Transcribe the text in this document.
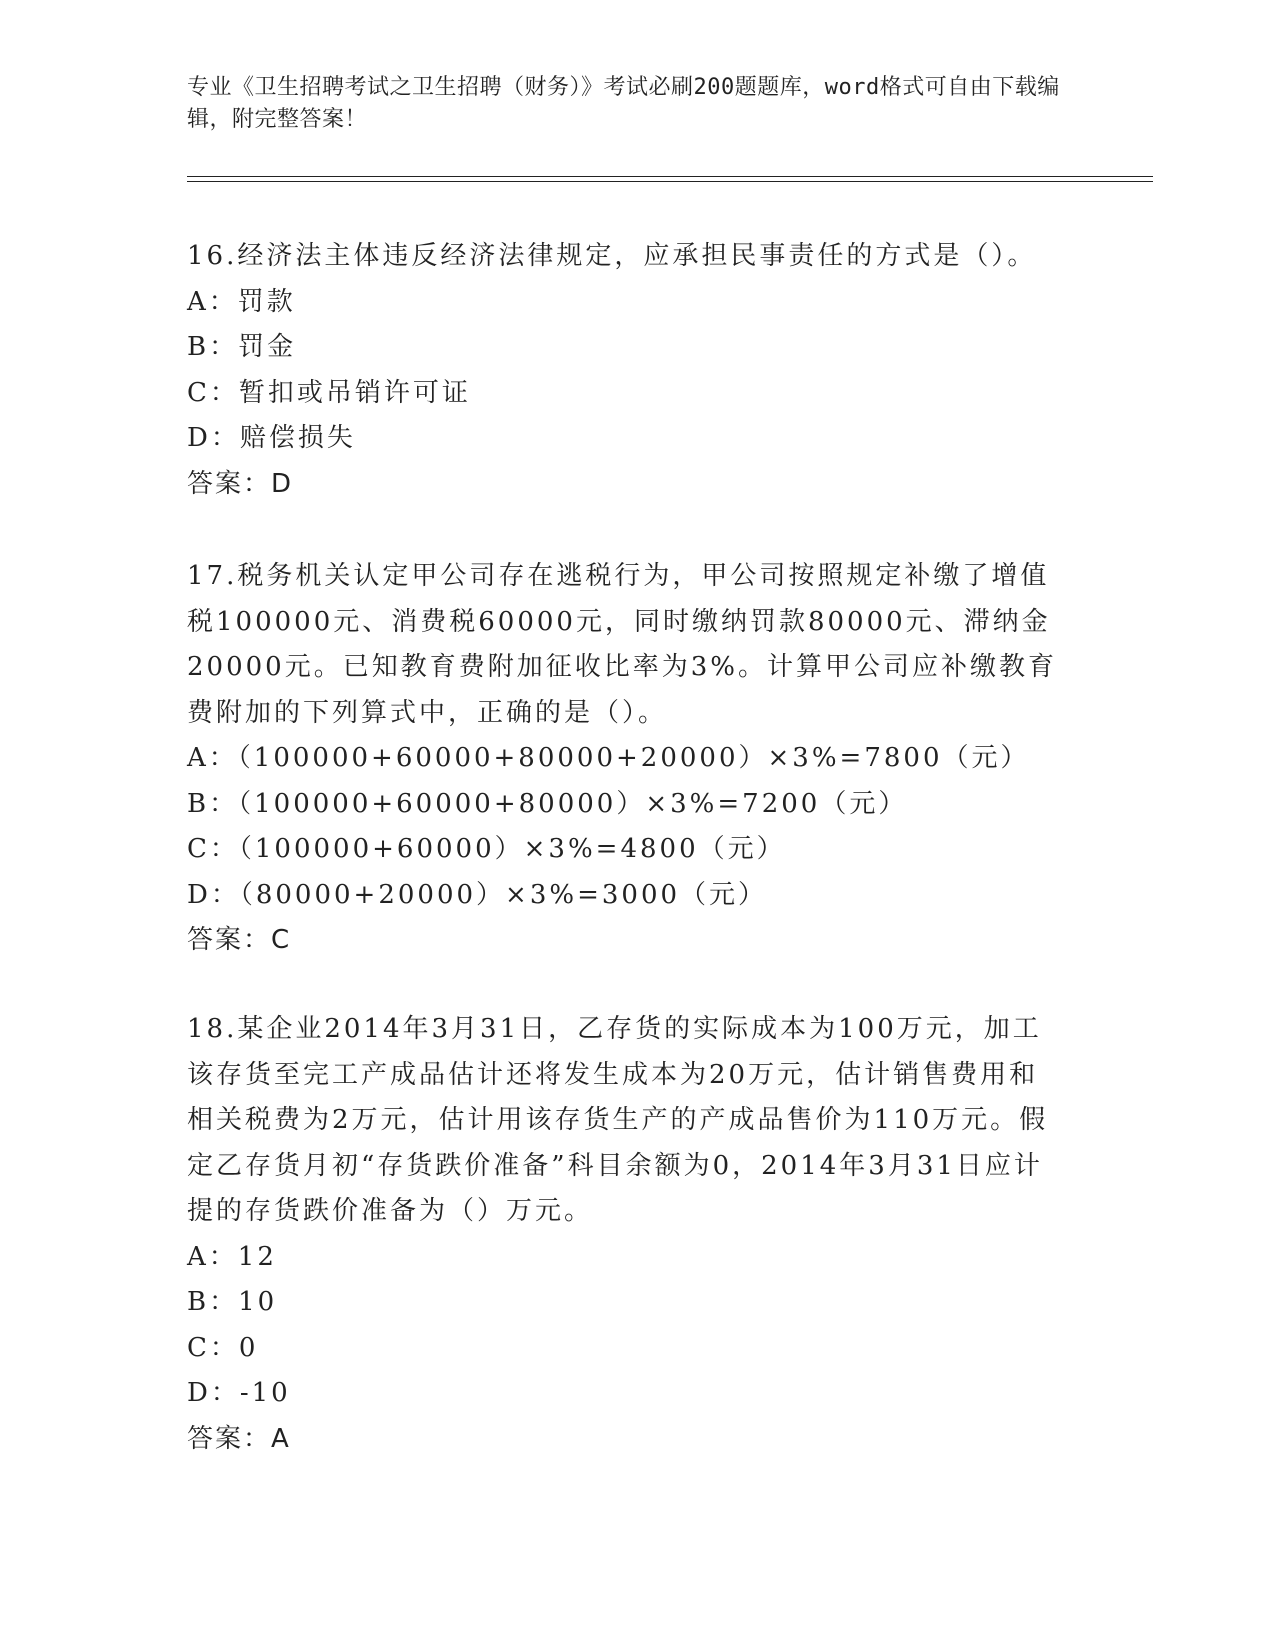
专业《卫生招聘考试之卫生招聘（财务）》考试必刷200题题库，word格式可自由下载编辑，附完整答案！
16.经济法主体违反经济法律规定，应承担民事责任的方式是（）。
A：罚款
B：罚金
C：暂扣或吊销许可证
D：赔偿损失
答案：D
17.税务机关认定甲公司存在逃税行为，甲公司按照规定补缴了增值税100000元、消费税60000元，同时缴纳罚款80000元、滞纳金20000元。已知教育费附加征收比率为3%。计算甲公司应补缴教育费附加的下列算式中，正确的是（）。
A：（100000+60000+80000+20000）×3%=7800（元）
B：（100000+60000+80000）×3%=7200（元）
C：（100000+60000）×3%=4800（元）
D：（80000+20000）×3%=3000（元）
答案：C
18.某企业2014年3月31日，乙存货的实际成本为100万元，加工该存货至完工产成品估计还将发生成本为20万元，估计销售费用和相关税费为2万元，估计用该存货生产的产成品售价为110万元。假定乙存货月初“存货跌价准备”科目余额为0，2014年3月31日应计提的存货跌价准备为（）万元。
A：12
B：10
C：0
D：-10
答案：A
